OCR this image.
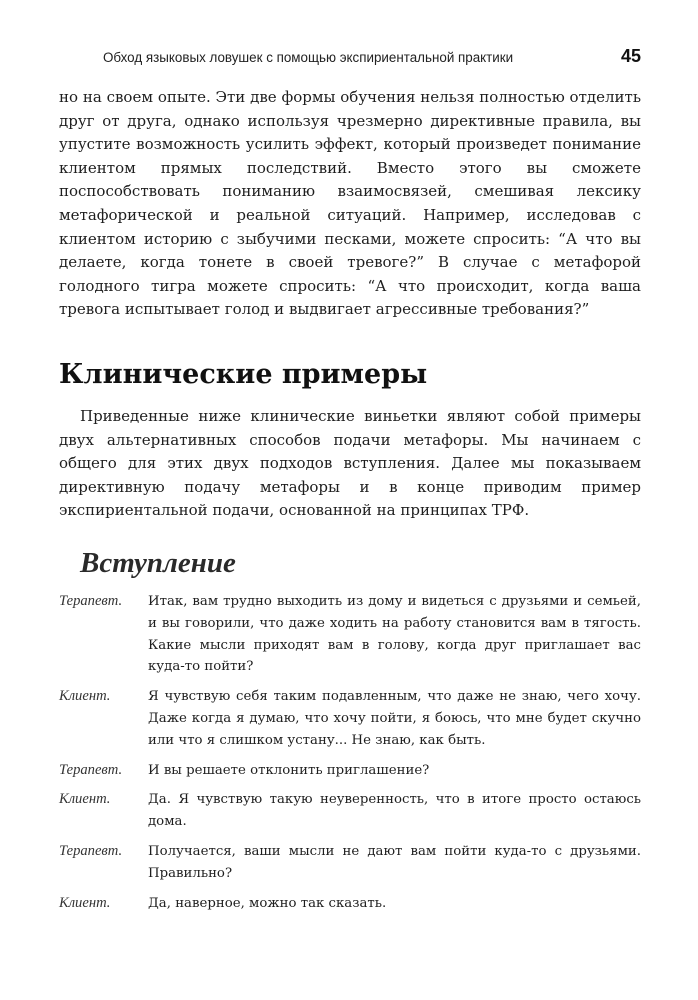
Обход языковых ловушек с помощью экспириентальной практики	45

но на своем опыте. Эти две формы обучения нельзя полностью отделить друг от друга, однако используя чрезмерно директивные правила, вы упустите возможность усилить эффект, который произведет понимание клиентом прямых последствий. Вместо этого вы сможете поспособствовать пониманию взаимосвязей, смешивая лексику метафорической и реальной ситуаций. Например, исследовав с клиентом историю с зыбучими песками, можете спросить: “А что вы делаете, когда тонете в своей тревоге?” В случае с метафорой голодного тигра можете спросить: “А что происходит, когда ваша тревога испытывает голод и выдвигает агрессивные требования?”

Клинические примеры

Приведенные ниже клинические виньетки являют собой примеры двух альтернативных способов подачи метафоры. Мы начинаем с общего для этих двух подходов вступления. Далее мы показываем директивную подачу метафоры и в конце приводим пример экспириентальной подачи, основанной на принципах ТРФ.

Вступление
Терапевт.	Итак, вам трудно выходить из дому и видеться с друзьями и семьей, и вы говорили, что даже ходить на работу становится вам в тягость. Какие мысли приходят вам в голову, когда друг приглашает вас куда-то пойти?
Клиент.	Я чувствую себя таким подавленным, что даже не знаю, чего хочу. Даже когда я думаю, что хочу пойти, я боюсь, что мне будет скучно или что я слишком устану... Не знаю, как быть.
Терапевт.	И вы решаете отклонить приглашение?
Клиент.	Да. Я чувствую такую неуверенность, что в итоге просто остаюсь дома.
Терапевт.	Получается, ваши мысли не дают вам пойти куда-то с друзьями. Правильно?
Клиент.	Да, наверное, можно так сказать.
